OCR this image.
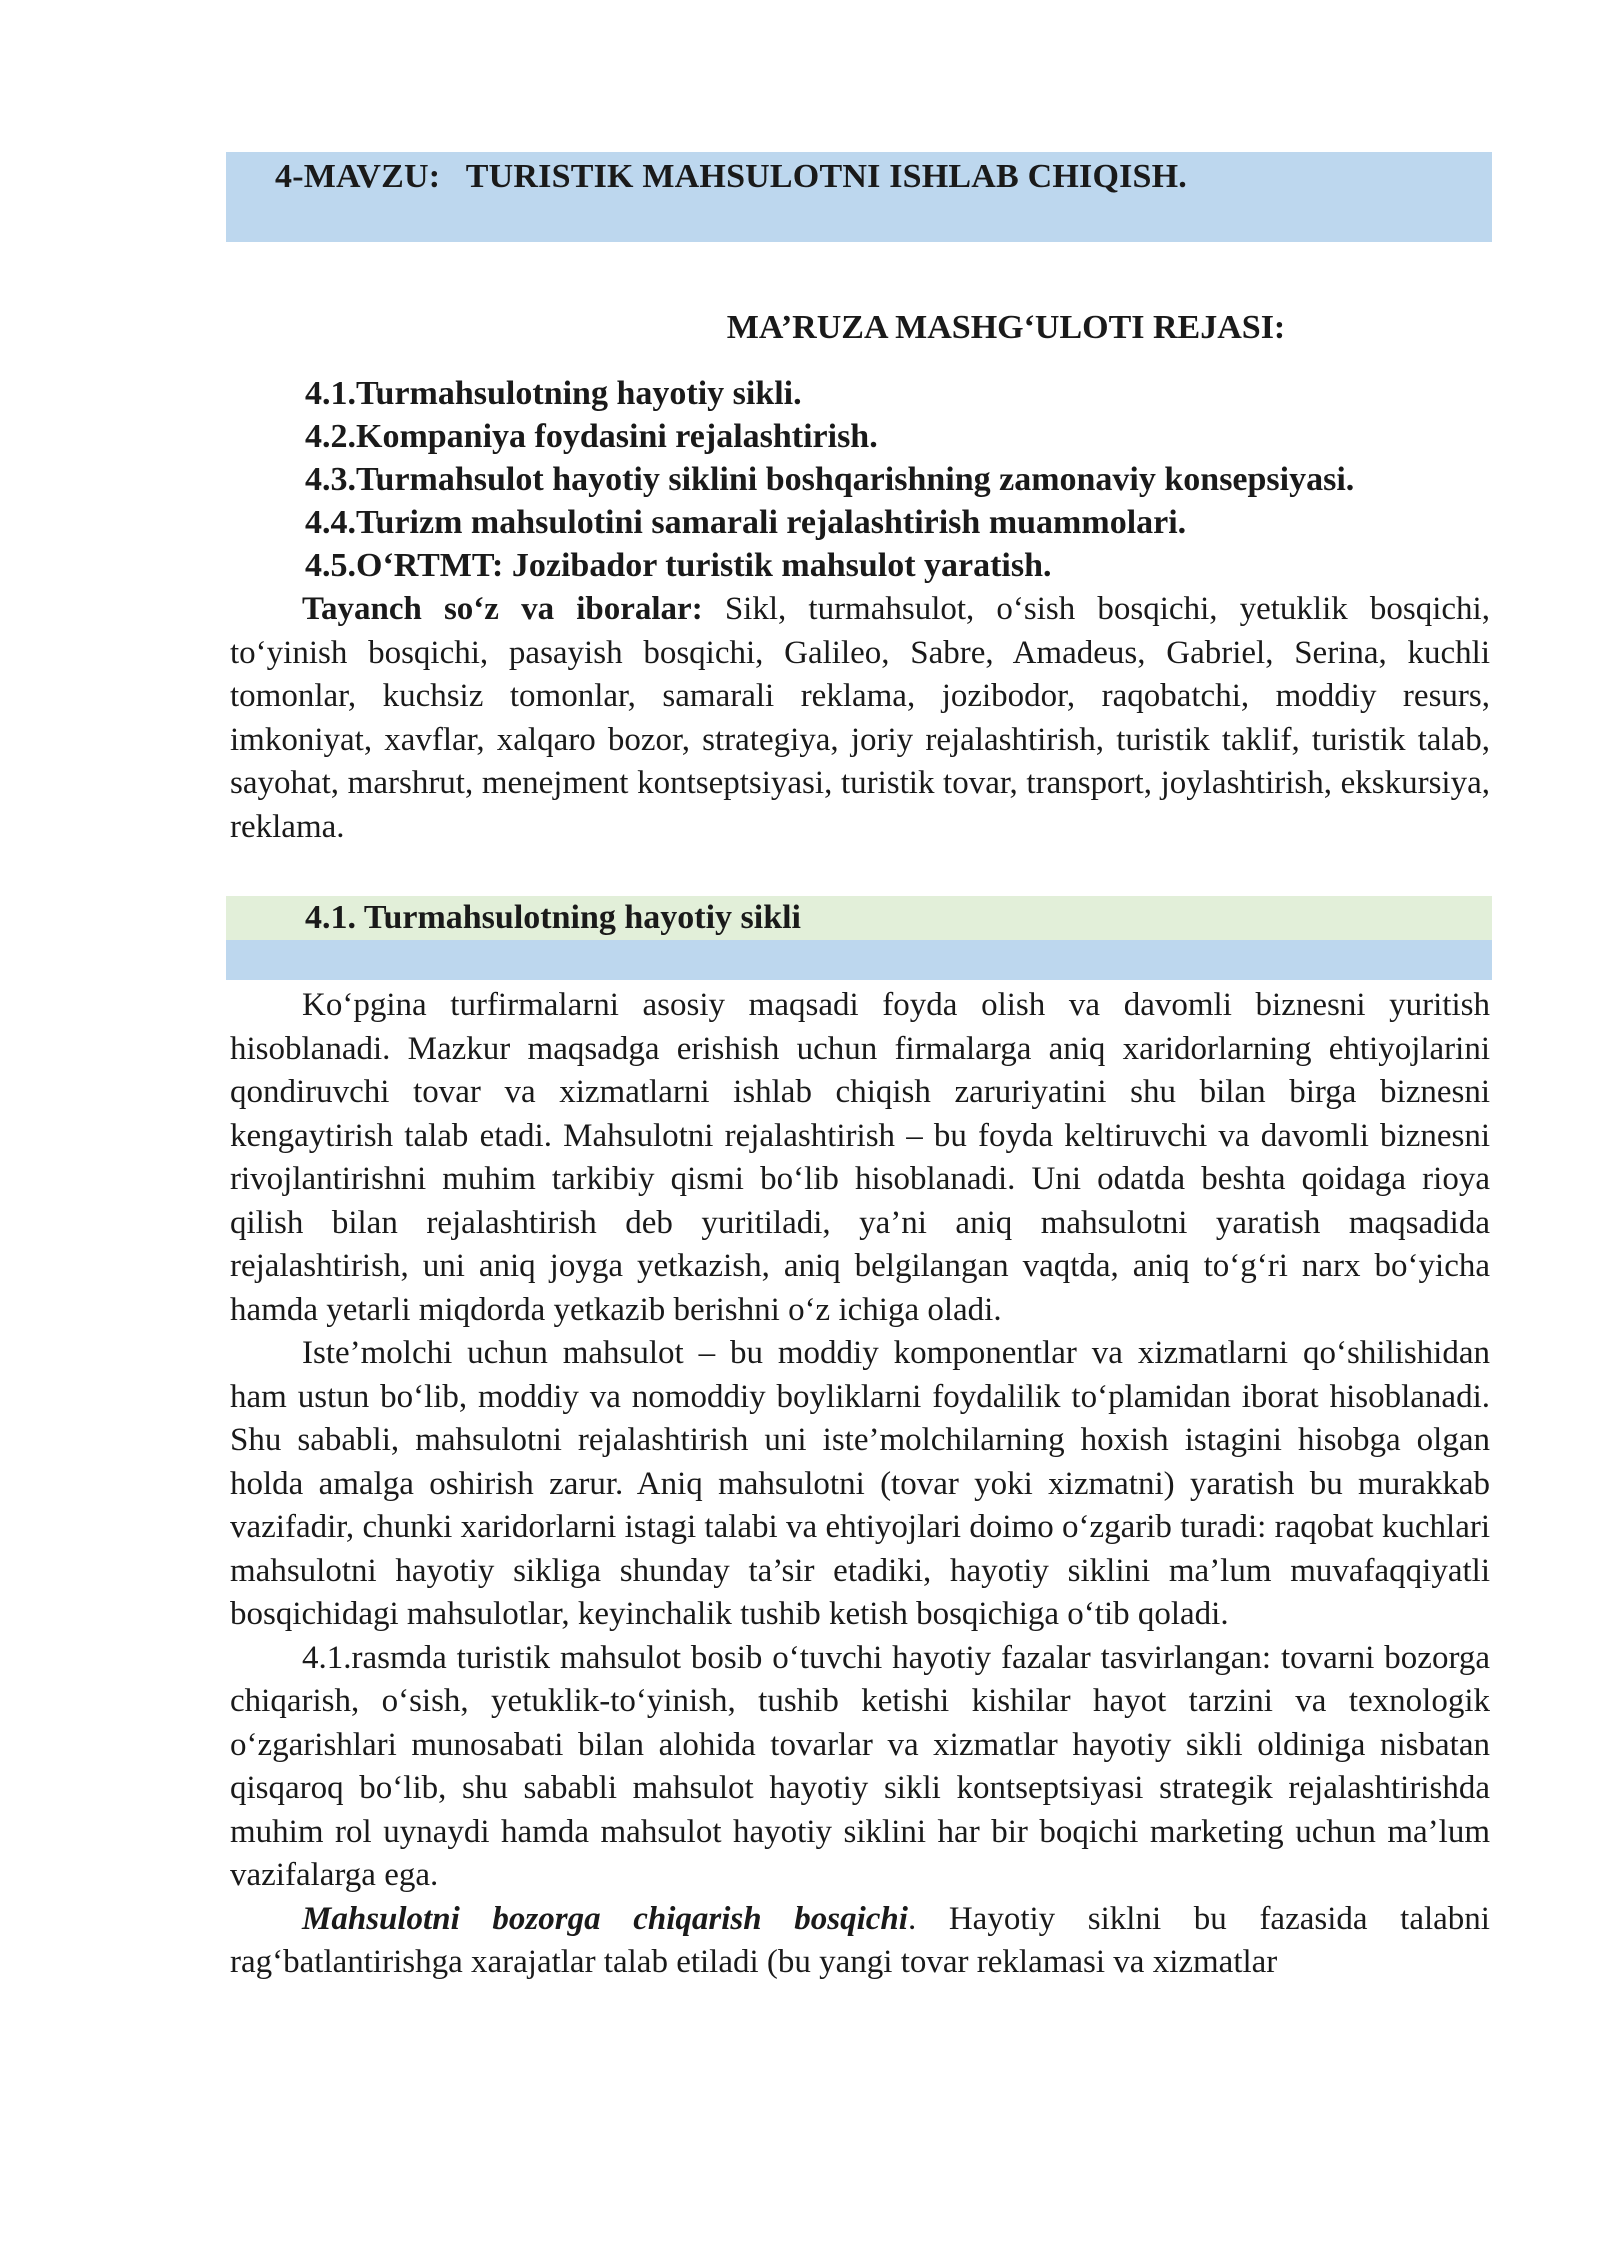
4-MAVZU:   TURISTIK MAHSULOTNI ISHLAB CHIQISH.
MA’RUZA MASHG‘ULOTI REJASI:
4.1.Turmahsulotning hayotiy sikli.
4.2.Kompaniya foydasini rejalashtirish.
4.3.Turmahsulot hayotiy siklini boshqarishning zamonaviy konsepsiyasi.
4.4.Turizm mahsulotini samarali rejalashtirish muammolari.
4.5.O‘RTMT: Jozibador turistik mahsulot yaratish.

Tayanch so‘z va iboralar: Sikl, turmahsulot, o‘sish bosqichi, yetuklik bosqichi, to‘yinish bosqichi, pasayish bosqichi, Galileo, Sabre, Amadeus, Gabriel, Serina, kuchli tomonlar, kuchsiz tomonlar, samarali reklama, jozibodor, raqobatchi, moddiy resurs, imkoniyat, xavflar, xalqaro bozor, strategiya, joriy rejalashtirish, turistik taklif, turistik talab, sayohat, marshrut, menejment kontseptsiyasi, turistik tovar, transport, joylashtirish, ekskursiya, reklama.

4.1. Turmahsulotning hayotiy sikli

Ko‘pgina turfirmalarni asosiy maqsadi foyda olish va davomli biznesni yuritish hisoblanadi. Mazkur maqsadga erishish uchun firmalarga aniq xaridorlarning ehtiyojlarini qondiruvchi tovar va xizmatlarni ishlab chiqish zaruriyatini shu bilan birga biznesni kengaytirish talab etadi. Mahsulotni rejalashtirish – bu foyda keltiruvchi va davomli biznesni rivojlantirishni muhim tarkibiy qismi bo‘lib hisoblanadi. Uni odatda beshta qoidaga rioya qilish bilan rejalashtirish deb yuritiladi, ya’ni aniq mahsulotni yaratish maqsadida rejalashtirish, uni aniq joyga yetkazish, aniq belgilangan vaqtda, aniq to‘g‘ri narx bo‘yicha hamda yetarli miqdorda yetkazib berishni o‘z ichiga oladi.

Iste’molchi uchun mahsulot – bu moddiy komponentlar va xizmatlarni qo‘shilishidan ham ustun bo‘lib, moddiy va nomoddiy boyliklarni foydalilik to‘plamidan iborat hisoblanadi. Shu sababli, mahsulotni rejalashtirish uni iste’molchilarning hoxish istagini hisobga olgan holda amalga oshirish zarur. Aniq mahsulotni (tovar yoki xizmatni) yaratish bu murakkab vazifadir, chunki xaridorlarni istagi talabi va ehtiyojlari doimo o‘zgarib turadi: raqobat kuchlari mahsulotni hayotiy sikliga shunday ta’sir etadiki, hayotiy siklini ma’lum muvafaqqiyatli bosqichidagi mahsulotlar, keyinchalik tushib ketish bosqichiga o‘tib qoladi.

4.1.rasmda turistik mahsulot bosib o‘tuvchi hayotiy fazalar tasvirlangan: tovarni bozorga chiqarish, o‘sish, yetuklik-to‘yinish, tushib ketishi kishilar hayot tarzini va texnologik o‘zgarishlari munosabati bilan alohida tovarlar va xizmatlar hayotiy sikli oldiniga nisbatan qisqaroq bo‘lib, shu sababli mahsulot hayotiy sikli kontseptsiyasi strategik rejalashtirishda muhim rol uynaydi hamda mahsulot hayotiy siklini har bir boqichi marketing uchun ma’lum vazifalarga ega.

Mahsulotni bozorga chiqarish bosqichi. Hayotiy siklni bu fazasida talabni rag‘batlantirishga xarajatlar talab etiladi (bu yangi tovar reklamasi va xizmatlar
